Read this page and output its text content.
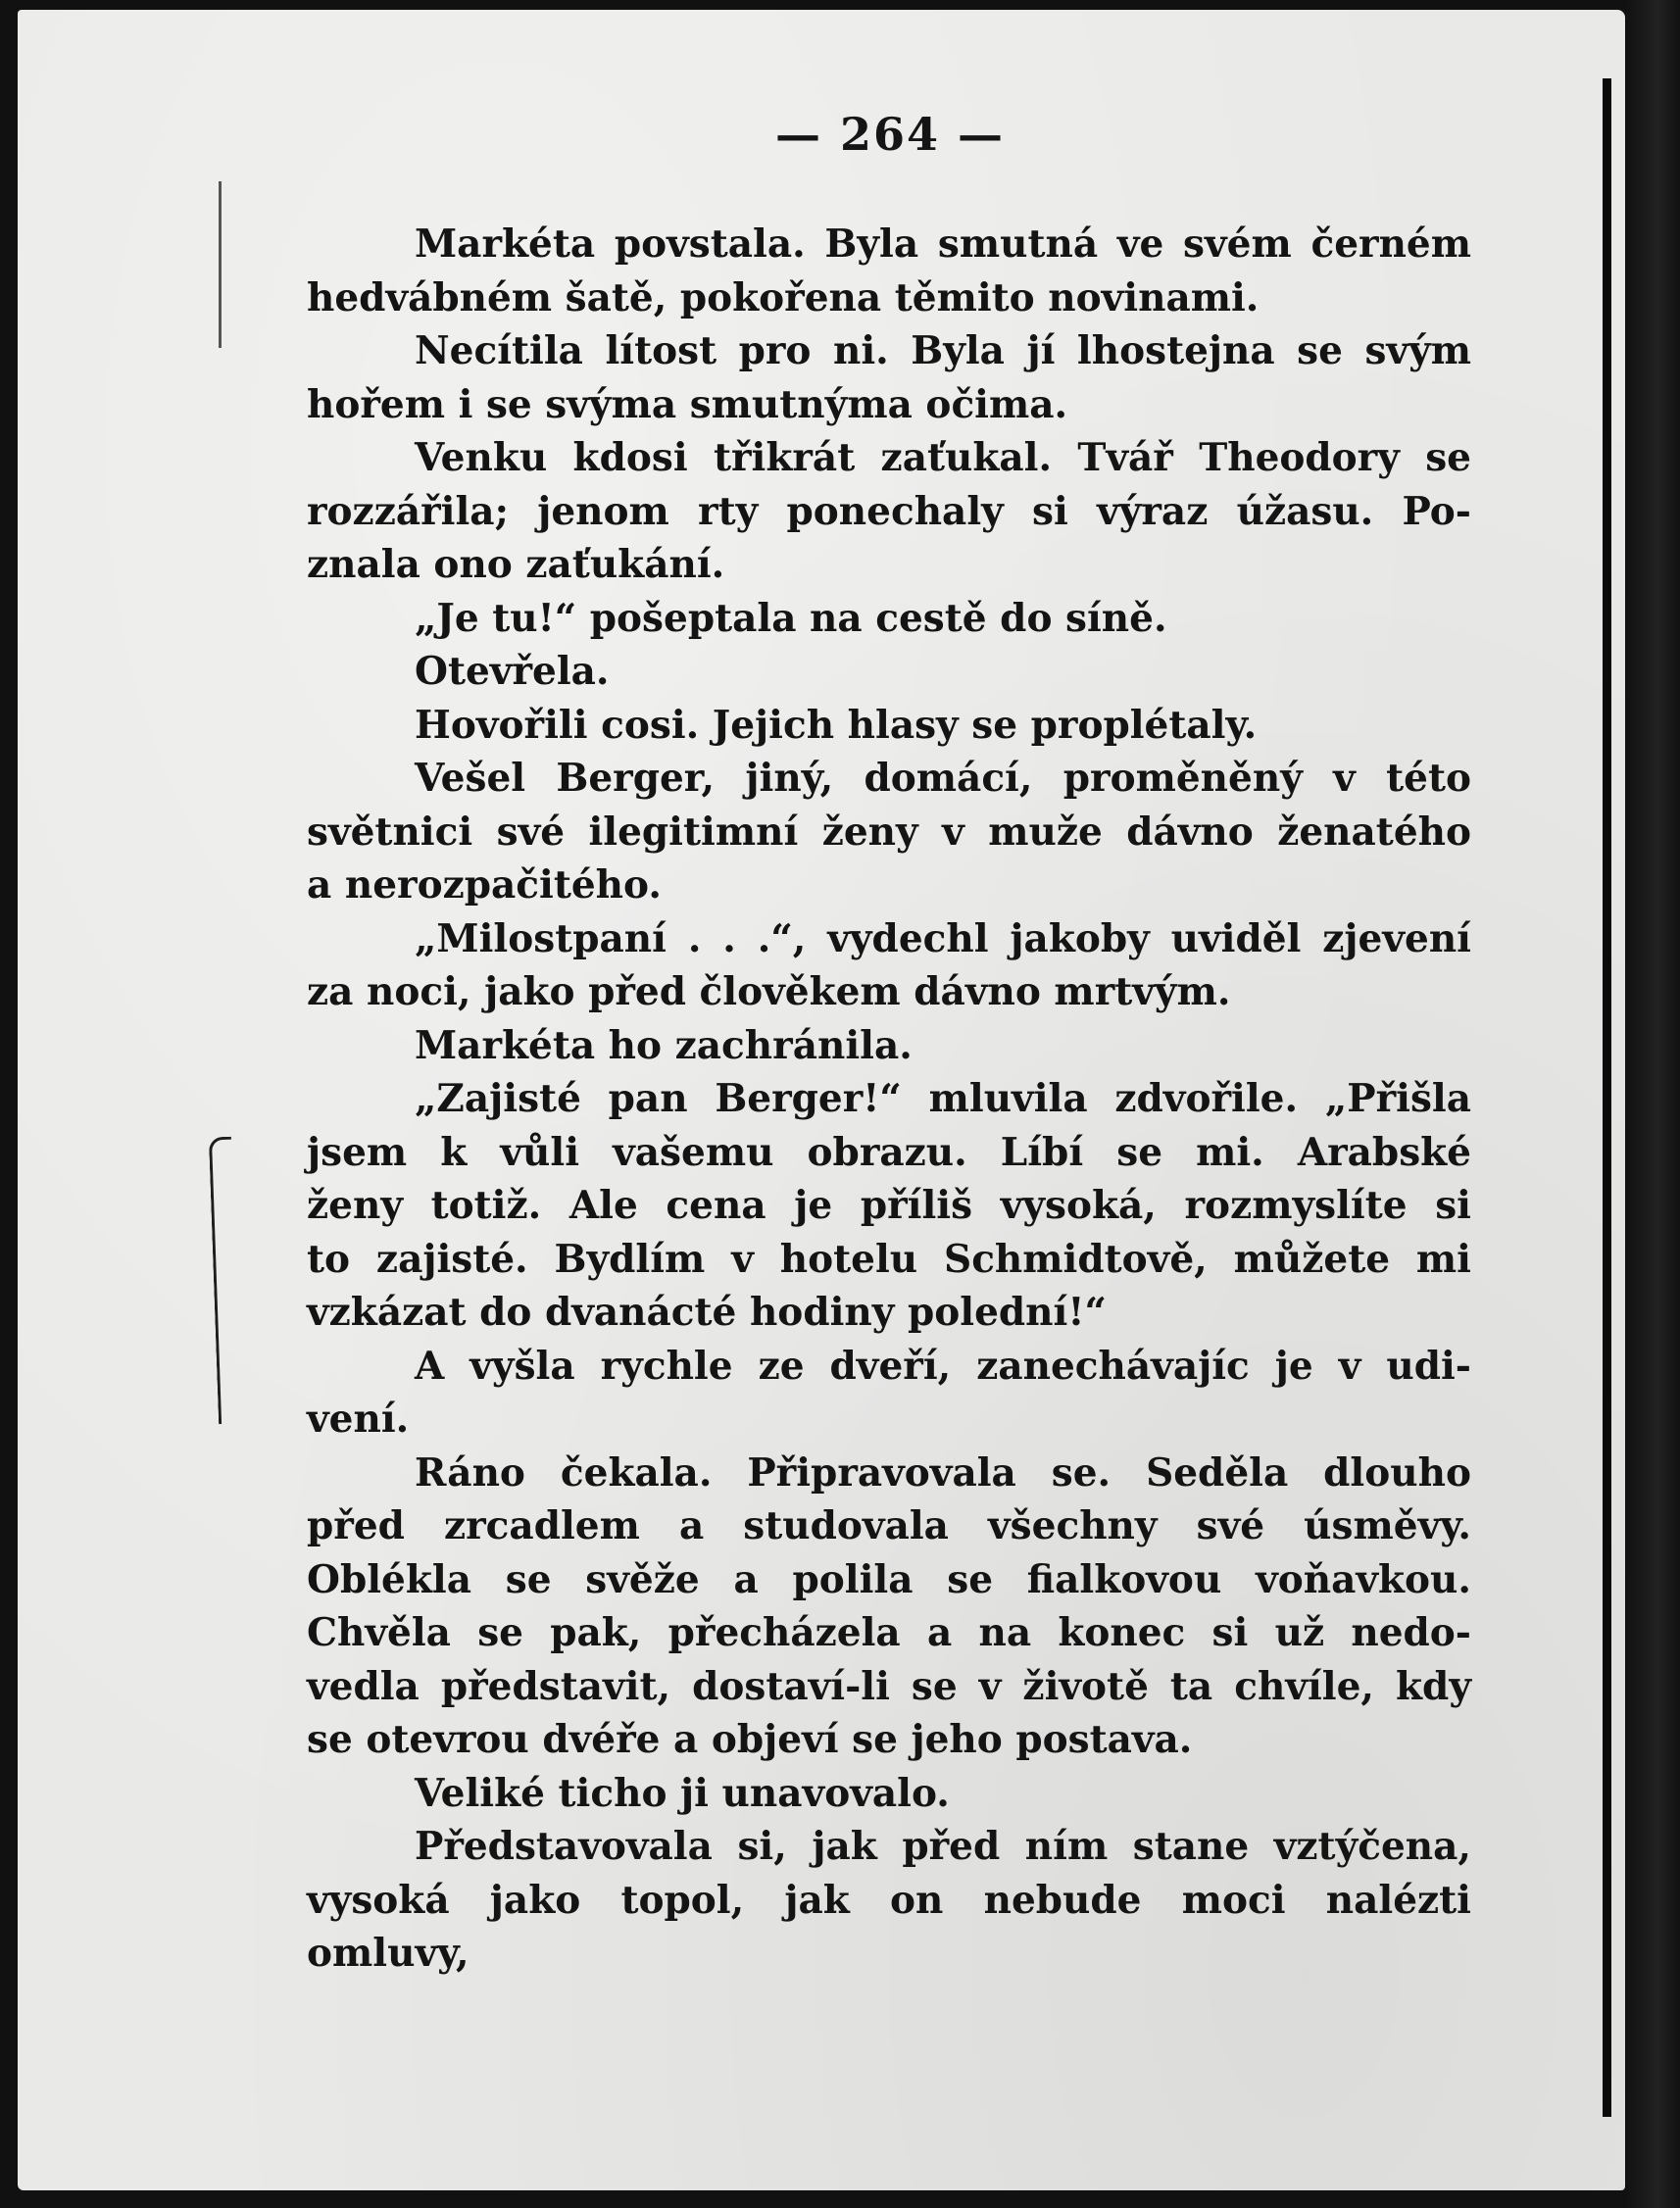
— 264 —
Markéta povstala. Byla smutná ve svém černém
hedvábném šatě, pokořena těmito novinami.
Necítila lítost pro ni. Byla jí lhostejna se svým
hořem i se svýma smutnýma očima.
Venku kdosi třikrát zaťukal. Tvář Theodory se
rozzářila; jenom rty ponechaly si výraz úžasu. Po-
znala ono zaťukání.
„Je tu!“ pošeptala na cestě do síně.
Otevřela.
Hovořili cosi. Jejich hlasy se proplétaly.
Vešel Berger, jiný, domácí, proměněný v této
světnici své ilegitimní ženy v muže dávno ženatého
a nerozpačitého.
„Milostpaní . . .“, vydechl jakoby uviděl zjevení
za noci, jako před člověkem dávno mrtvým.
Markéta ho zachránila.
„Zajisté pan Berger!“ mluvila zdvořile. „Přišla
jsem k vůli vašemu obrazu. Líbí se mi. Arabské
ženy totiž. Ale cena je příliš vysoká, rozmyslíte si
to zajisté. Bydlím v hotelu Schmidtově, můžete mi
vzkázat do dvanácté hodiny polední!“
A vyšla rychle ze dveří, zanechávajíc je v udi-
vení.
Ráno čekala. Připravovala se. Seděla dlouho
před zrcadlem a studovala všechny své úsměvy.
Oblékla se svěže a polila se fialkovou voňavkou.
Chvěla se pak, přecházela a na konec si už nedo-
vedla představit, dostaví-li se v životě ta chvíle, kdy
se otevrou dvéře a objeví se jeho postava.
Veliké ticho ji unavovalo.
Představovala si, jak před ním stane vztýčena,
vysoká jako topol, jak on nebude moci nalézti
omluvy,
